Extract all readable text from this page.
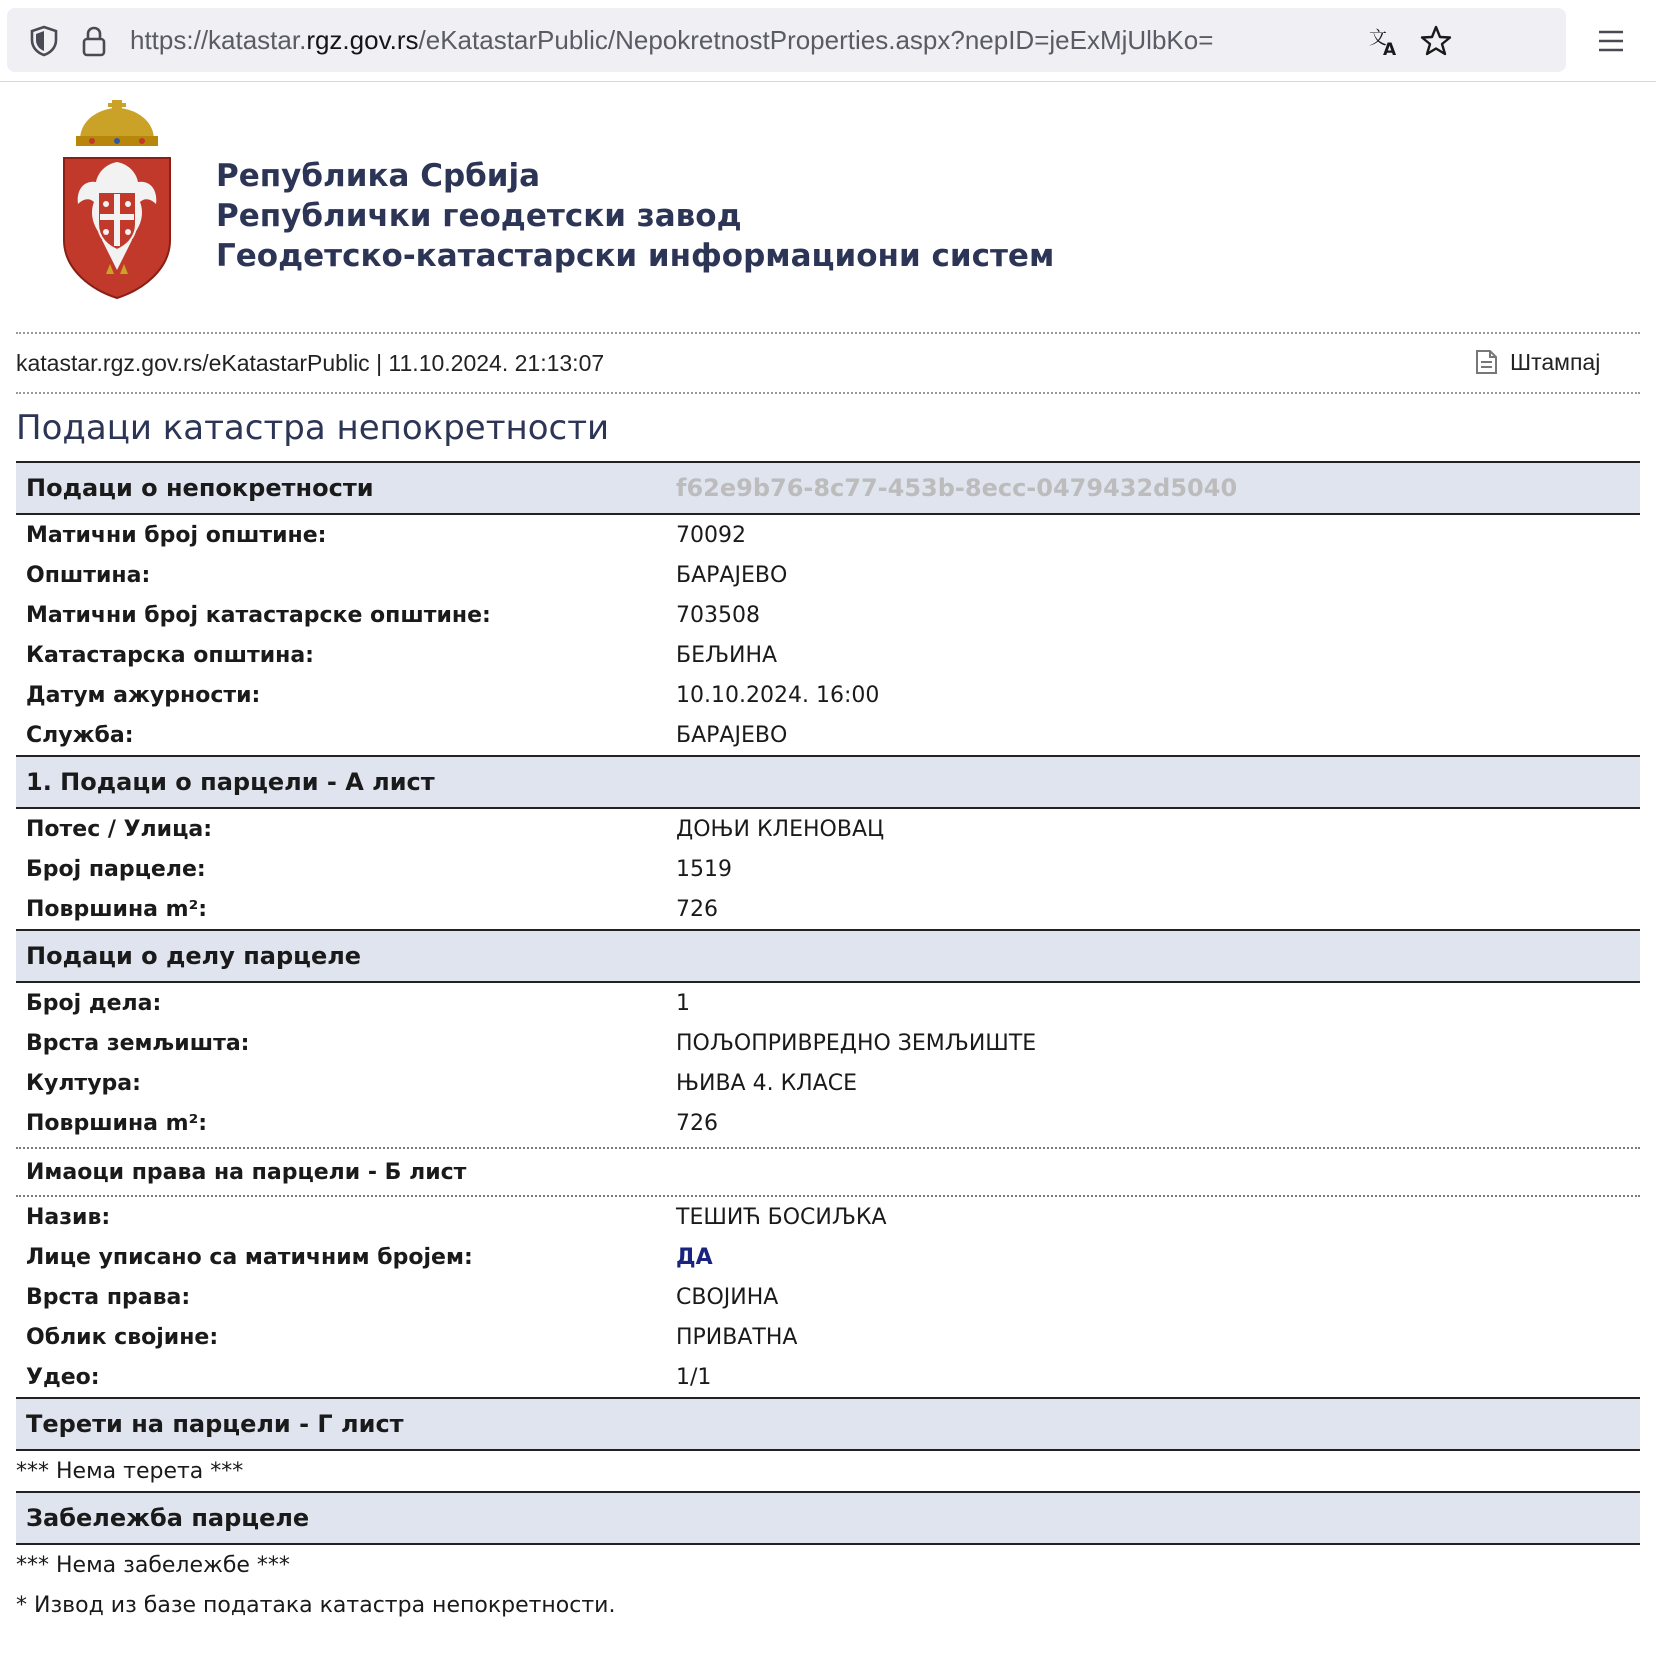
https://katastar.rgz.gov.rs/eKatastarPublic/NepokretnostProperties.aspx?nepID=jeExMjUlbKo=	文
A
Република Србија
Републички геодетски завод
Геодетско-катастарски информациони систем
katastar.rgz.gov.rs/eKatastarPublic | 11.10.2024. 21:13:07	Штампај
Подаци катастра непокретности
Подаци о непокретности	f62e9b76-8c77-453b-8ecc-0479432d5040
Матични број општине:	70092
Општина:	БАРАЈЕВО
Матични број катастарске општине:	703508
Катастарска општина:	БЕЉИНА
Датум ажурности:	10.10.2024. 16:00
Служба:	БАРАЈЕВО
1. Подаци о парцели - А лист
Потес / Улица:	ДОЊИ КЛЕНОВАЦ
Број парцеле:	1519
Површина m²:	726
Подаци о делу парцеле
Број дела:	1
Врста земљишта:	ПОЉОПРИВРЕДНО ЗЕМЉИШТЕ
Култура:	ЊИВА 4. КЛАСЕ
Површина m²:	726
Имаоци права на парцели - Б лист
Назив:	ТЕШИЋ БОСИЉКА
Лице уписано са матичним бројем:	ДА
Врста права:	СВОЈИНА
Облик својине:	ПРИВАТНА
Удео:	1/1
Терети на парцели - Г лист
*** Нема терета ***
Забележба парцеле
*** Нема забележбе ***
* Извод из базе података катастра непокретности.
